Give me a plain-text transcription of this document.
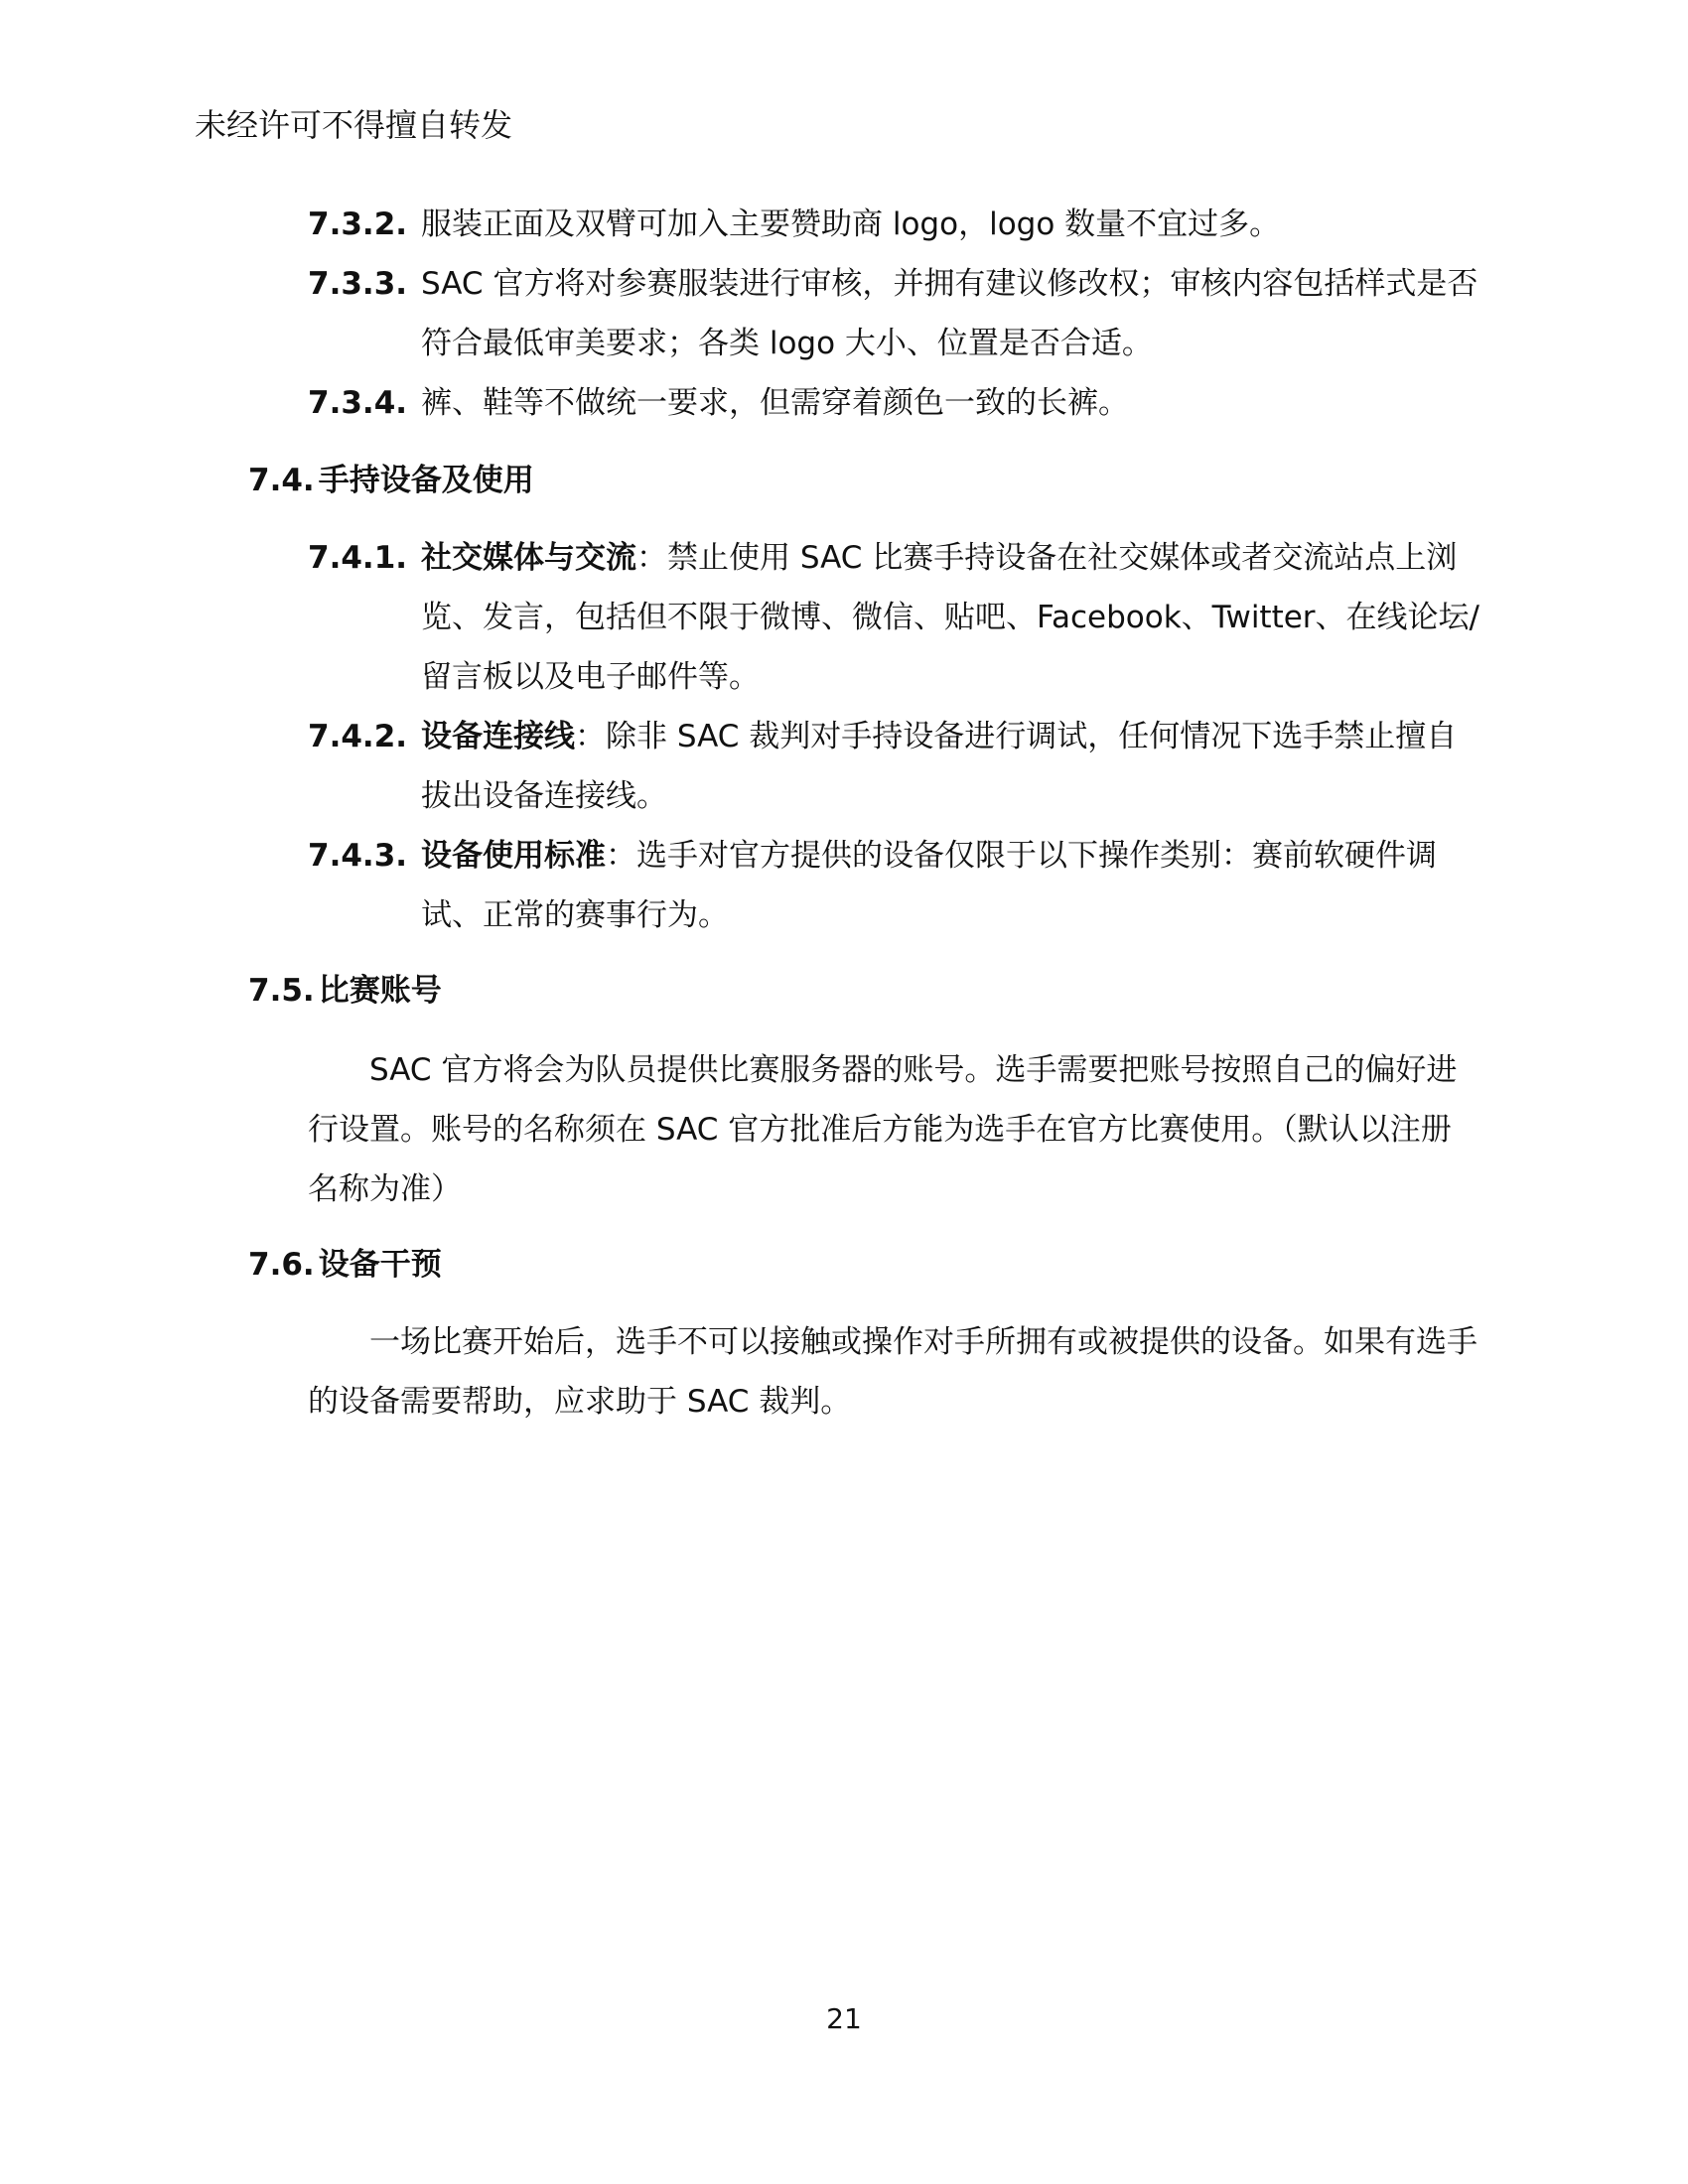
未经许可不得擅自转发
7.3.2. 服装正面及双臂可加入主要赞助商 logo，logo 数量不宜过多。
7.3.3. SAC 官方将对参赛服装进行审核，并拥有建议修改权；审核内容包括样式是否符合最低审美要求；各类 logo 大小、位置是否合适。
7.3.4. 裤、鞋等不做统一要求，但需穿着颜色一致的长裤。
7.4. 手持设备及使用
7.4.1. 社交媒体与交流：禁止使用 SAC 比赛手持设备在社交媒体或者交流站点上浏览、发言，包括但不限于微博、微信、贴吧、Facebook、Twitter、在线论坛/留言板以及电子邮件等。
7.4.2. 设备连接线：除非 SAC 裁判对手持设备进行调试，任何情况下选手禁止擅自拔出设备连接线。
7.4.3. 设备使用标准：选手对官方提供的设备仅限于以下操作类别：赛前软硬件调试、正常的赛事行为。
7.5. 比赛账号
SAC 官方将会为队员提供比赛服务器的账号。选手需要把账号按照自己的偏好进行设置。账号的名称须在 SAC 官方批准后方能为选手在官方比赛使用。（默认以注册名称为准）
7.6. 设备干预
一场比赛开始后，选手不可以接触或操作对手所拥有或被提供的设备。如果有选手的设备需要帮助，应求助于 SAC 裁判。
21
